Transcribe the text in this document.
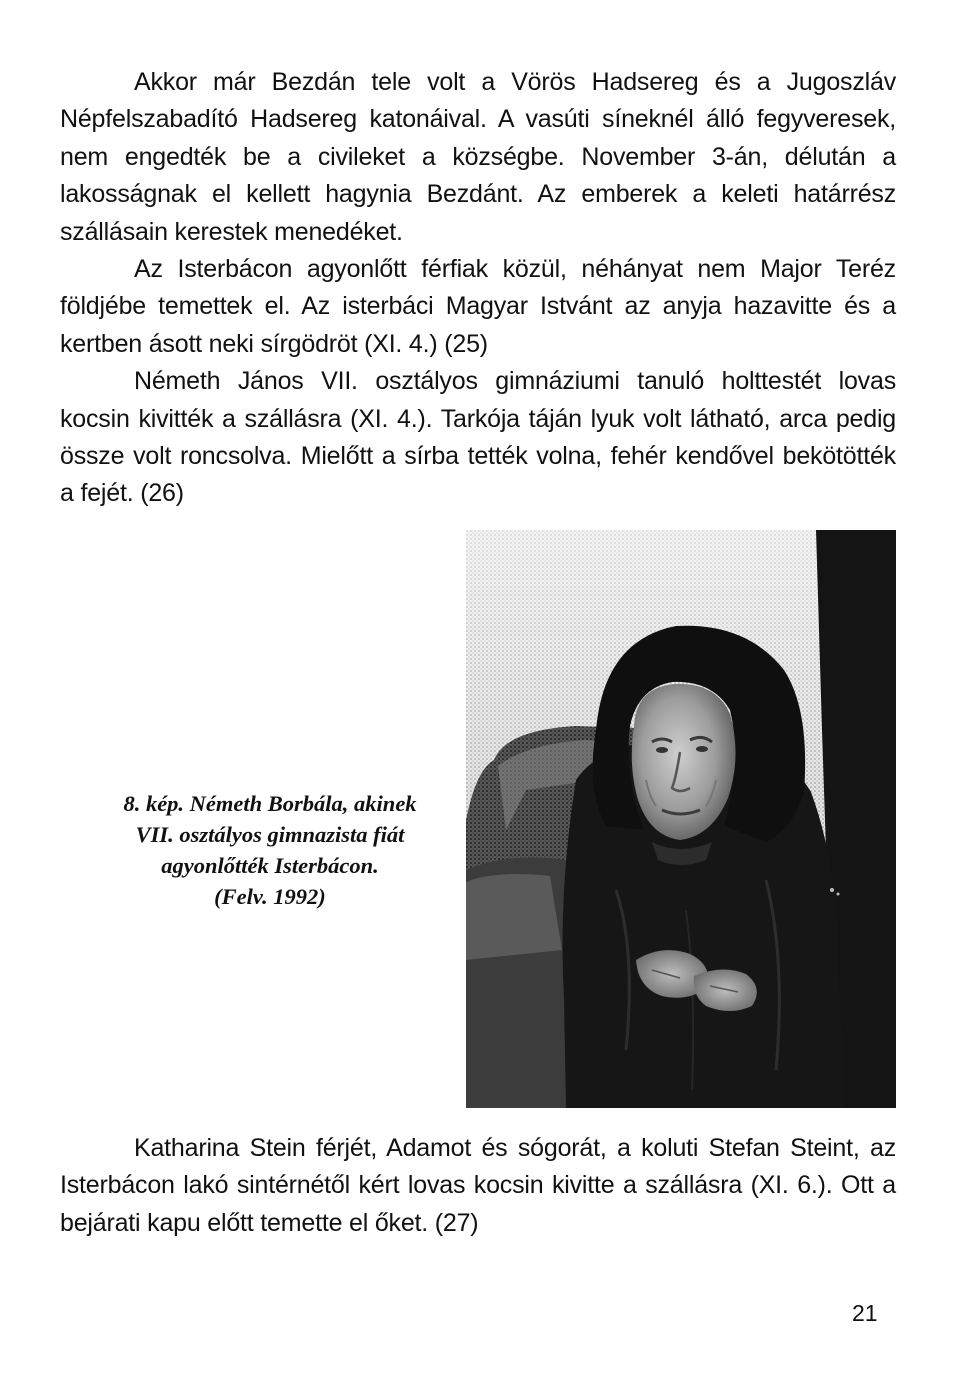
Akkor már Bezdán tele volt a Vörös Hadsereg és a Jugoszláv Népfelszabadító Hadsereg katonáival. A vasúti síneknél álló fegyveresek, nem engedték be a civileket a községbe. November 3-án, délután a lakosságnak el kellett hagynia Bezdánt. Az emberek a keleti határrész szállásain kerestek menedéket.

Az Isterbácon agyonlőtt férfiak közül, néhányat nem Major Teréz földjébe temettek el. Az isterbáci Magyar Istvánt az anyja hazavitte és a kertben ásott neki sírgödröt (XI. 4.) (25)

Németh János VII. osztályos gimnáziumi tanuló holttestét lovas kocsin kivitték a szállásra (XI. 4.). Tarkója táján lyuk volt látható, arca pedig össze volt roncsolva. Mielőtt a sírba tették volna, fehér kendővel bekötötték a fejét. (26)

8. kép. Németh Borbála, akinek
VII. osztályos gimnazista fiát
agyonlőtték Isterbácon.
(Felv. 1992)

Katharina Stein férjét, Adamot és sógorát, a koluti Stefan Steint, az Isterbácon lakó sintérnétől kért lovas kocsin kivitte a szállásra (XI. 6.). Ott a bejárati kapu előtt temette el őket. (27)

21
